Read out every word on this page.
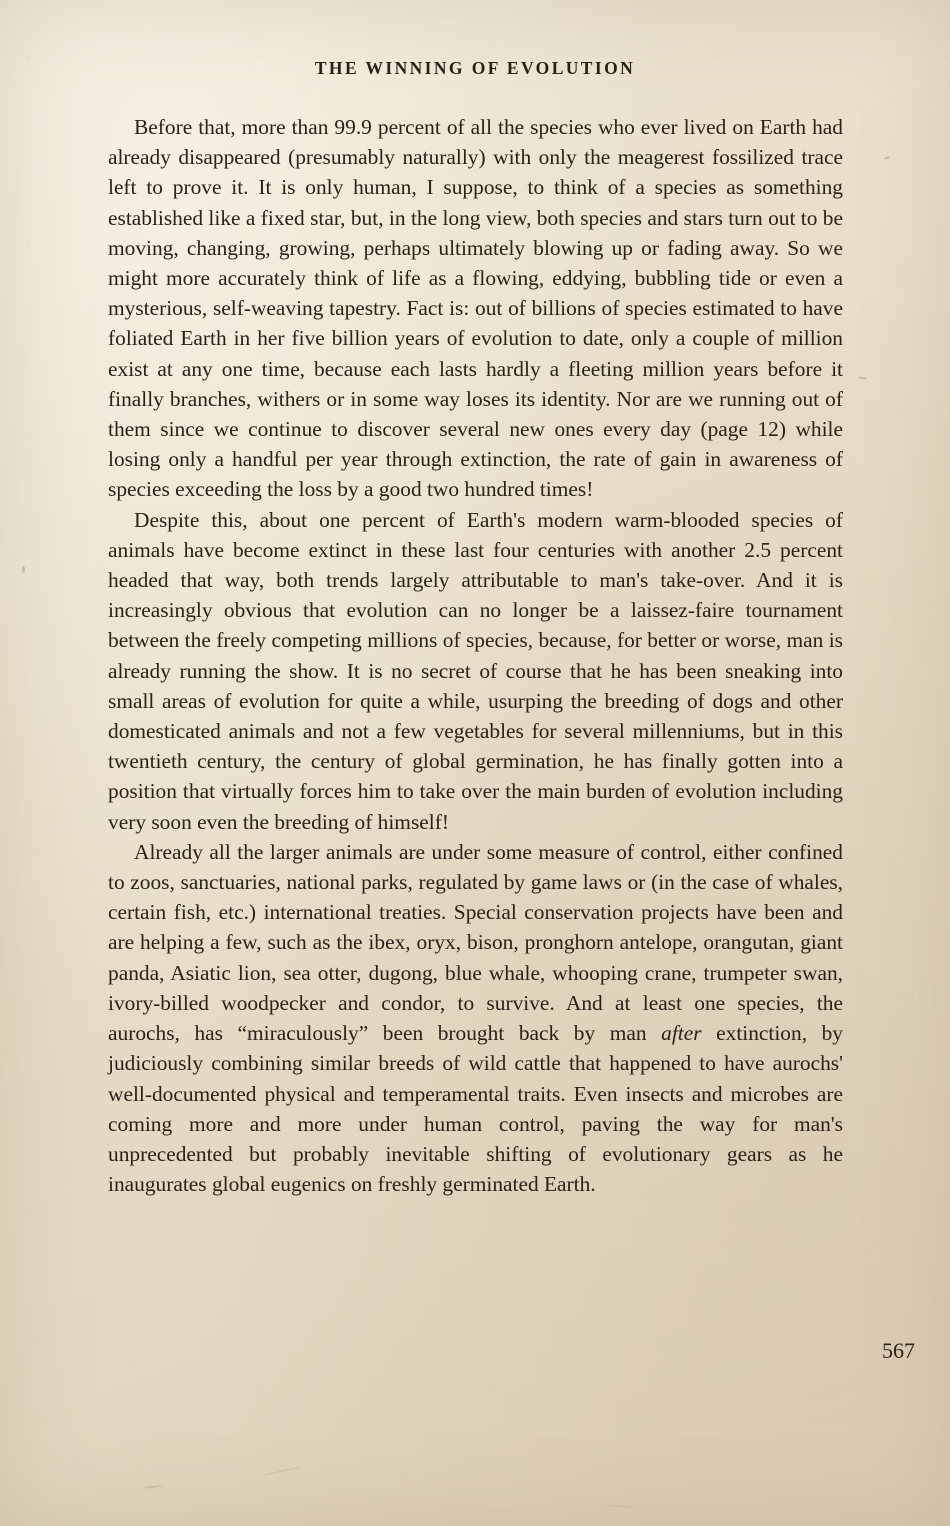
THE WINNING OF EVOLUTION

Before that, more than 99.9 percent of all the species who ever lived on Earth had already disappeared (presumably naturally) with only the meagerest fossilized trace left to prove it. It is only human, I suppose, to think of a species as something established like a fixed star, but, in the long view, both species and stars turn out to be moving, changing, growing, perhaps ultimately blowing up or fading away. So we might more accurately think of life as a flowing, eddying, bubbling tide or even a mysterious, self-weaving tapestry. Fact is: out of billions of species estimated to have foliated Earth in her five billion years of evolution to date, only a couple of million exist at any one time, because each lasts hardly a fleeting million years before it finally branches, withers or in some way loses its identity. Nor are we running out of them since we continue to discover several new ones every day (page 12) while losing only a handful per year through extinction, the rate of gain in awareness of species exceeding the loss by a good two hundred times!

Despite this, about one percent of Earth's modern warm-blooded species of animals have become extinct in these last four centuries with another 2.5 percent headed that way, both trends largely attributable to man's take-over. And it is increasingly obvious that evolution can no longer be a laissez-faire tournament between the freely competing millions of species, because, for better or worse, man is already running the show. It is no secret of course that he has been sneaking into small areas of evolution for quite a while, usurping the breeding of dogs and other domesticated animals and not a few vegetables for several millenniums, but in this twentieth century, the century of global germination, he has finally gotten into a position that virtually forces him to take over the main burden of evolution including very soon even the breeding of himself!

Already all the larger animals are under some measure of control, either confined to zoos, sanctuaries, national parks, regulated by game laws or (in the case of whales, certain fish, etc.) international treaties. Special conservation projects have been and are helping a few, such as the ibex, oryx, bison, pronghorn antelope, orangutan, giant panda, Asiatic lion, sea otter, dugong, blue whale, whooping crane, trumpeter swan, ivory-billed woodpecker and condor, to survive. And at least one species, the aurochs, has “miraculously” been brought back by man after extinction, by judiciously combining similar breeds of wild cattle that happened to have aurochs' well-documented physical and temperamental traits. Even insects and microbes are coming more and more under human control, paving the way for man's unprecedented but probably inevitable shifting of evolutionary gears as he inaugurates global eugenics on freshly germinated Earth.

567
